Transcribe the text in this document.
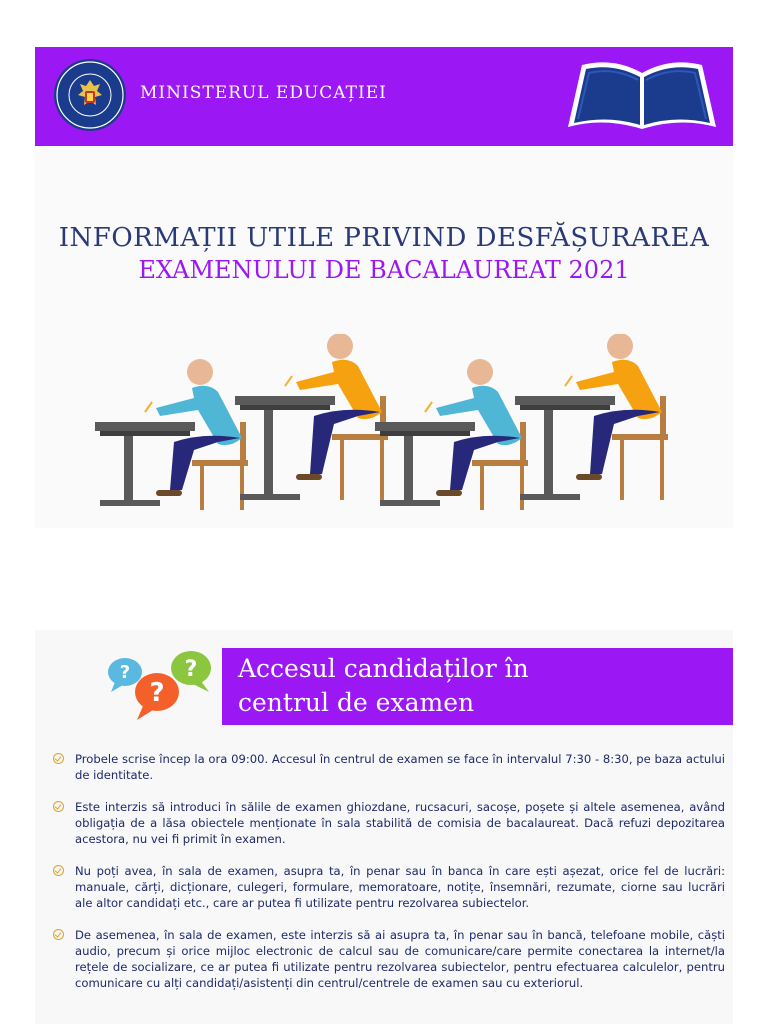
MINISTERUL EDUCAȚIEI
INFORMAȚII UTILE PRIVIND DESFĂȘURAREA
EXAMENULUI DE BACALAUREAT 2021
? ?
?
Accesul candidaților în
centrul de examen

Probele scrise încep la ora 09:00. Accesul în centrul de examen se face în intervalul 7:30 - 8:30, pe baza actului de identitate.

Este interzis să introduci în sălile de examen ghiozdane, rucsacuri, sacoșe, poșete și altele asemenea, având obligația de a lăsa obiectele menționate în sala stabilită de comisia de bacalaureat. Dacă refuzi depozitarea acestora, nu vei fi primit în examen.

Nu poți avea, în sala de examen, asupra ta, în penar sau în banca în care ești așezat, orice fel de lucrări: manuale, cărți, dicționare, culegeri, formulare, memoratoare, notițe, însemnări, rezumate, ciorne sau lucrări ale altor candidați etc., care ar putea fi utilizate pentru rezolvarea subiectelor.

De asemenea, în sala de examen, este interzis să ai asupra ta, în penar sau în bancă, telefoane mobile, căști audio, precum și orice mijloc electronic de calcul sau de comunicare/care permite conectarea la internet/la rețele de socializare, ce ar putea fi utilizate pentru rezolvarea subiectelor, pentru efectuarea calculelor, pentru comunicare cu alți candidați/asistenți din centrul/centrele de examen sau cu exteriorul.
